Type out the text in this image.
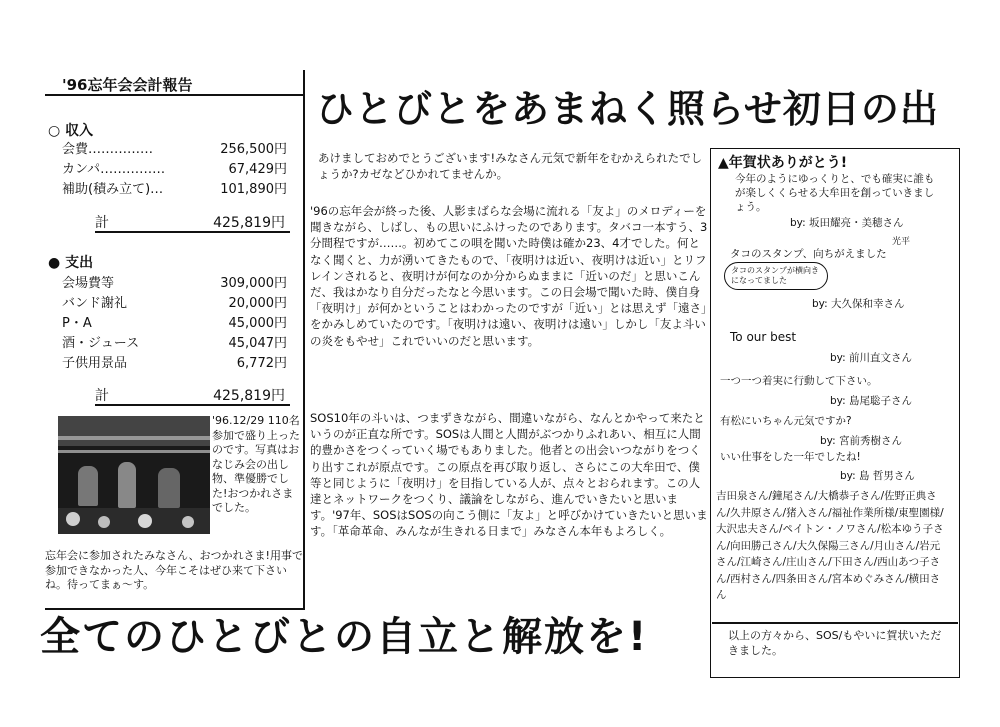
'96忘年会会計報告
○ 収入
会費……………	256,500円
カンパ……………	67,429円
補助(積み立て)…	101,890円
計	425,819円
● 支出
会場費等	309,000円
バンド謝礼	20,000円
P・A	45,000円
酒・ジュース	45,047円
子供用景品	6,772円
計	425,819円
'96.12/29 110名参加で盛り上ったのです。写真はおなじみ会の出し物、準優勝でした!おつかれさまでした。
忘年会に参加されたみなさん、おつかれさま!用事で参加できなかった人、今年こそはぜひ来て下さいね。待ってまぁ〜す。
ひとびとをあまねく照らせ初日の出
あけましておめでとうございます!みなさん元気で新年をむかえられたでしょうか?カゼなどひかれてませんか。
'96の忘年会が終った後、人影まばらな会場に流れる「友よ」のメロディーを聞きながら、しばし、もの思いにふけったのであります。タバコ一本すう、3分間程ですが……。初めてこの唄を聞いた時僕は確か23、4才でした。何となく聞くと、力が湧いてきたもので、「夜明けは近い、夜明けは近い」とリフレインされると、夜明けが何なのか分からぬままに「近いのだ」と思いこんだ、我はかなり自分だったなと今思います。この日会場で聞いた時、僕自身「夜明け」が何かということはわかったのですが「近い」とは思えず「遠さ」をかみしめていたのです。「夜明けは遠い、夜明けは遠い」しかし「友よ斗いの炎をもやせ」これでいいのだと思います。
SOS10年の斗いは、つまずきながら、間違いながら、なんとかやって来たというのが正直な所です。SOSは人間と人間がぶつかりふれあい、相互に人間的豊かさをつくっていく場でもありました。他者との出会いつながりをつくり出すこれが原点です。この原点を再び取り返し、さらにこの大牟田で、僕等と同じように「夜明け」を目指している人が、点々とおられます。この人達とネットワークをつくり、議論をしながら、進んでいきたいと思います。'97年、SOSはSOSの向こう側に「友よ」と呼びかけていきたいと思います。「革命革命、みんなが生きれる日まで」みなさん本年もよろしく。
▲年賀状ありがとう!
今年のようにゆっくりと、でも確実に誰もが楽しくくらせる大牟田を創っていきましょう。
by: 坂田耀亮・美穂さん
光平
タコのスタンプ、向ちがえました
タコのスタンプが横向きになってました
by: 大久保和幸さん
To our best
by: 前川直文さん
一つ一つ着実に行動して下さい。
by: 島尾聡子さん
有松にいちゃん元気ですか?
by: 宮前秀樹さん
いい仕事をした一年でしたね!
by: 島 哲男さん
吉田泉さん/鐘尾さん/大橋恭子さん/佐野正典さん/久井原さん/猪入さん/福祉作業所様/東聖園様/大沢忠夫さん/ペイトン・ノワさん/松本ゆう子さん/向田勝己さん/大久保陽三さん/月山さん/岩元さん/江崎さん/庄山さん/下田さん/西山あつ子さん/西村さん/四条田さん/宮本めぐみさん/横田さん
以上の方々から、SOS/もやいに賀状いただきました。
全てのひとびとの自立と解放を!
